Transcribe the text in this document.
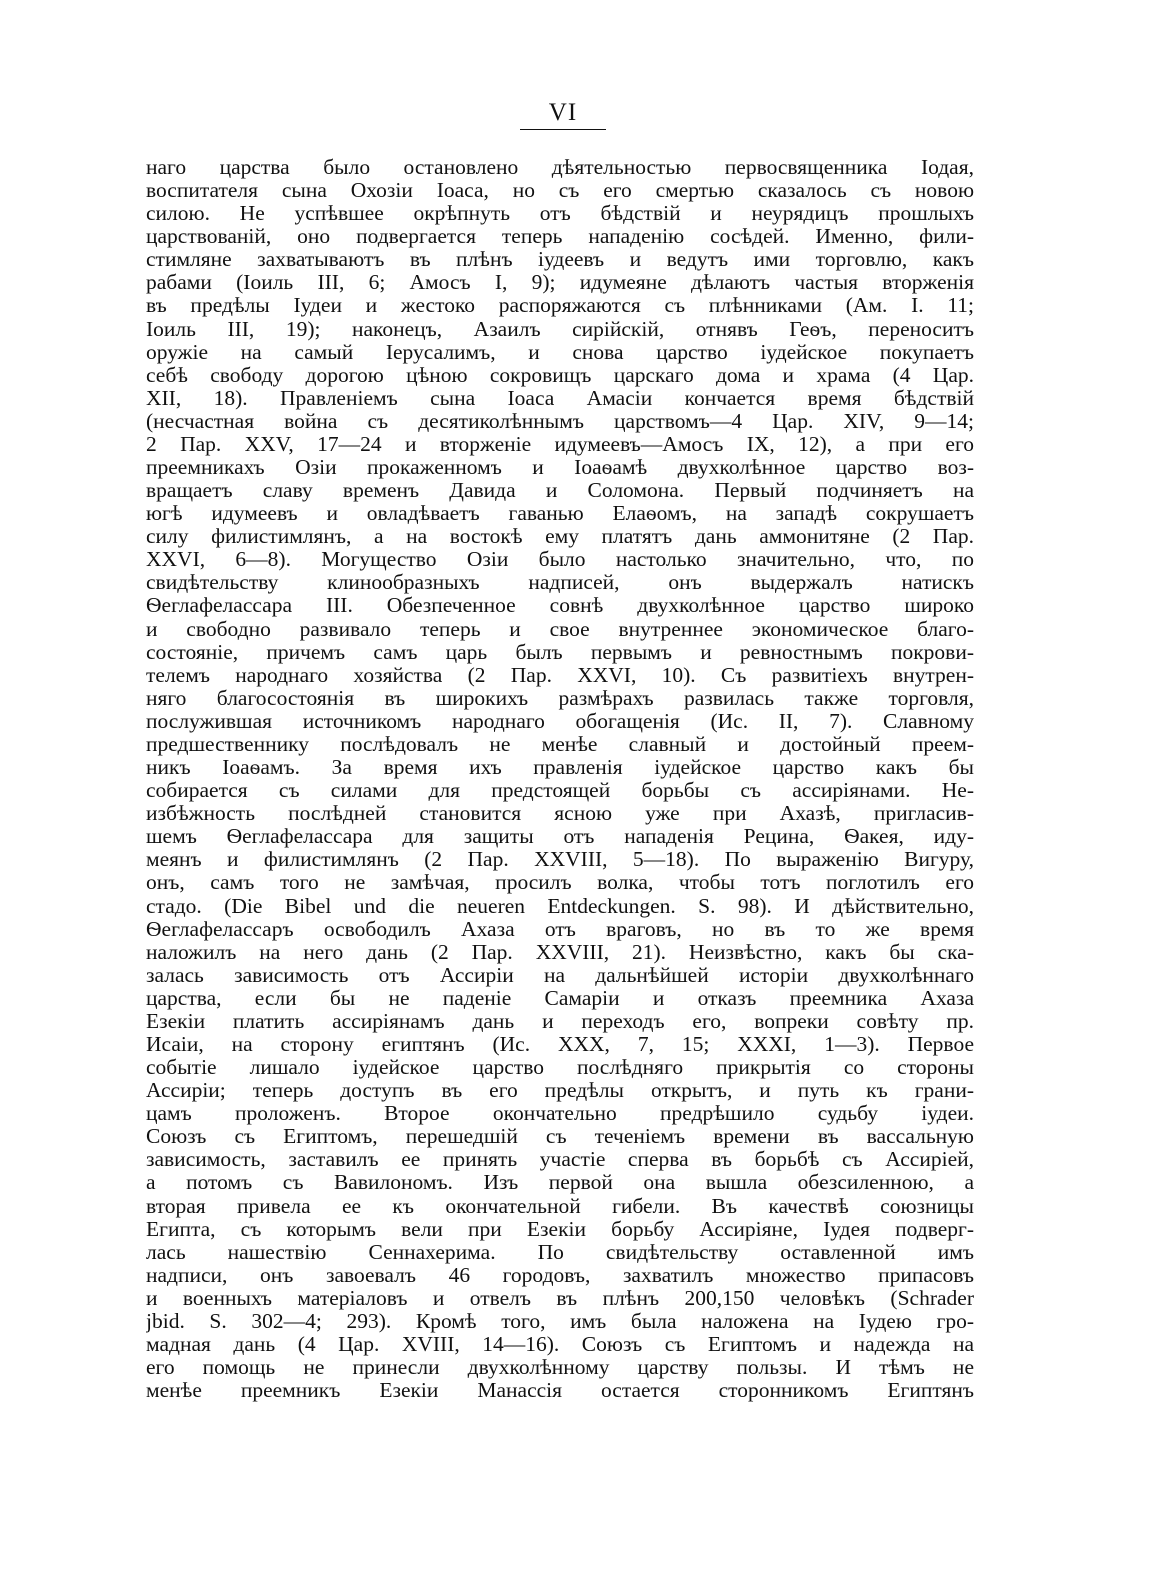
VI
наго царства было остановлено дѣятельностью первосвященника Іодая,
воспитателя сына Охозіи Іоаса, но съ его смертью сказалось съ новою
силою. Не успѣвшее окрѣпнуть отъ бѣдствій и неурядицъ прошлыхъ
царствованій, оно подвергается теперь нападенію сосѣдей. Именно, фили-
стимляне захватываютъ въ плѣнъ іудеевъ и ведутъ ими торговлю, какъ
рабами (Іоиль III, 6; Амосъ I, 9); идумеяне дѣлаютъ частыя вторженія
въ предѣлы Іудеи и жестоко распоряжаются съ плѣнниками (Ам. I. 11;
Іоиль III, 19); наконецъ, Азаилъ сирійскій, отнявъ Геѳъ, переноситъ
оружіе на самый Іерусалимъ, и снова царство іудейское покупаетъ
себѣ свободу дорогою цѣною сокровищъ царскаго дома и храма (4 Цар.
XII, 18). Правленіемъ сына Іоаса Амасіи кончается время бѣдствій
(несчастная война съ десятиколѣннымъ царствомъ—4 Цар. XIV, 9—14;
2 Пар. XXV, 17—24 и вторженіе идумеевъ—Амосъ IX, 12), а при его
преемникахъ Озіи прокаженномъ и Іоаѳамѣ двухколѣнное царство воз-
вращаетъ славу временъ Давида и Соломона. Первый подчиняетъ на
югѣ идумеевъ и овладѣваетъ гаванью Елаѳомъ, на западѣ сокрушаетъ
силу филистимлянъ, а на востокѣ ему платятъ дань аммонитяне (2 Пар.
XXVI, 6—8). Могущество Озіи было настолько значительно, что, по
свидѣтельству клинообразныхъ надписей, онъ выдержалъ натискъ
Ѳеглафелассара III. Обезпеченное совнѣ двухколѣнное царство широко
и свободно развивало теперь и свое внутреннее экономическое благо-
состояніе, причемъ самъ царь былъ первымъ и ревностнымъ покрови-
телемъ народнаго хозяйства (2 Пар. XXVI, 10). Съ развитіехъ внутрен-
няго благосостоянія въ широкихъ размѣрахъ развилась также торговля,
послужившая источникомъ народнаго обогащенія (Ис. II, 7). Славному
предшественнику послѣдовалъ не менѣе славный и достойный преем-
никъ Іоаѳамъ. За время ихъ правленія іудейское царство какъ бы
собирается съ силами для предстоящей борьбы съ ассиріянами. Не-
избѣжность послѣдней становится ясною уже при Ахазѣ, пригласив-
шемъ Ѳеглафелассара для защиты отъ нападенія Рецина, Ѳакея, иду-
меянъ и филистимлянъ (2 Пар. XXVIII, 5—18). По выраженію Вигуру,
онъ, самъ того не замѣчая, просилъ волка, чтобы тотъ поглотилъ его
стадо. (Die Bibel und die neueren Entdeckungen. S. 98). И дѣйствительно,
Ѳеглафелассаръ освободилъ Ахаза отъ враговъ, но въ то же время
наложилъ на него дань (2 Пар. XXVIII, 21). Неизвѣстно, какъ бы ска-
залась зависимость отъ Ассиріи на дальнѣйшей исторіи двухколѣннаго
царства, если бы не паденіе Самаріи и отказъ преемника Ахаза
Езекіи платить ассиріянамъ дань и переходъ его, вопреки совѣту пр.
Исаіи, на сторону египтянъ (Ис. XXX, 7, 15; XXXI, 1—3). Первое
событіе лишало іудейское царство послѣдняго прикрытія со стороны
Ассиріи; теперь доступъ въ его предѣлы открытъ, и путь къ грани-
цамъ проложенъ. Второе окончательно предрѣшило судьбу іудеи.
Союзъ съ Египтомъ, перешедшій съ теченіемъ времени въ вассальную
зависимость, заставилъ ее принять участіе сперва въ борьбѣ съ Ассиріей,
а потомъ съ Вавилономъ. Изъ первой она вышла обезсиленною, а
вторая привела ее къ окончательной гибели. Въ качествѣ союзницы
Египта, съ которымъ вели при Езекіи борьбу Ассиріяне, Іудея подверг-
лась нашествію Сеннахерима. По свидѣтельству оставленной имъ
надписи, онъ завоевалъ 46 городовъ, захватилъ множество припасовъ
и военныхъ матеріаловъ и отвелъ въ плѣнъ 200,150 человѣкъ (Schrader
jbid. S. 302—4; 293). Кромѣ того, имъ была наложена на Іудею гро-
мадная дань (4 Цар. XVIII, 14—16). Союзъ съ Египтомъ и надежда на
его помощь не принесли двухколѣнному царству пользы. И тѣмъ не
менѣе преемникъ Езекіи Манассія остается сторонникомъ Египтянъ
